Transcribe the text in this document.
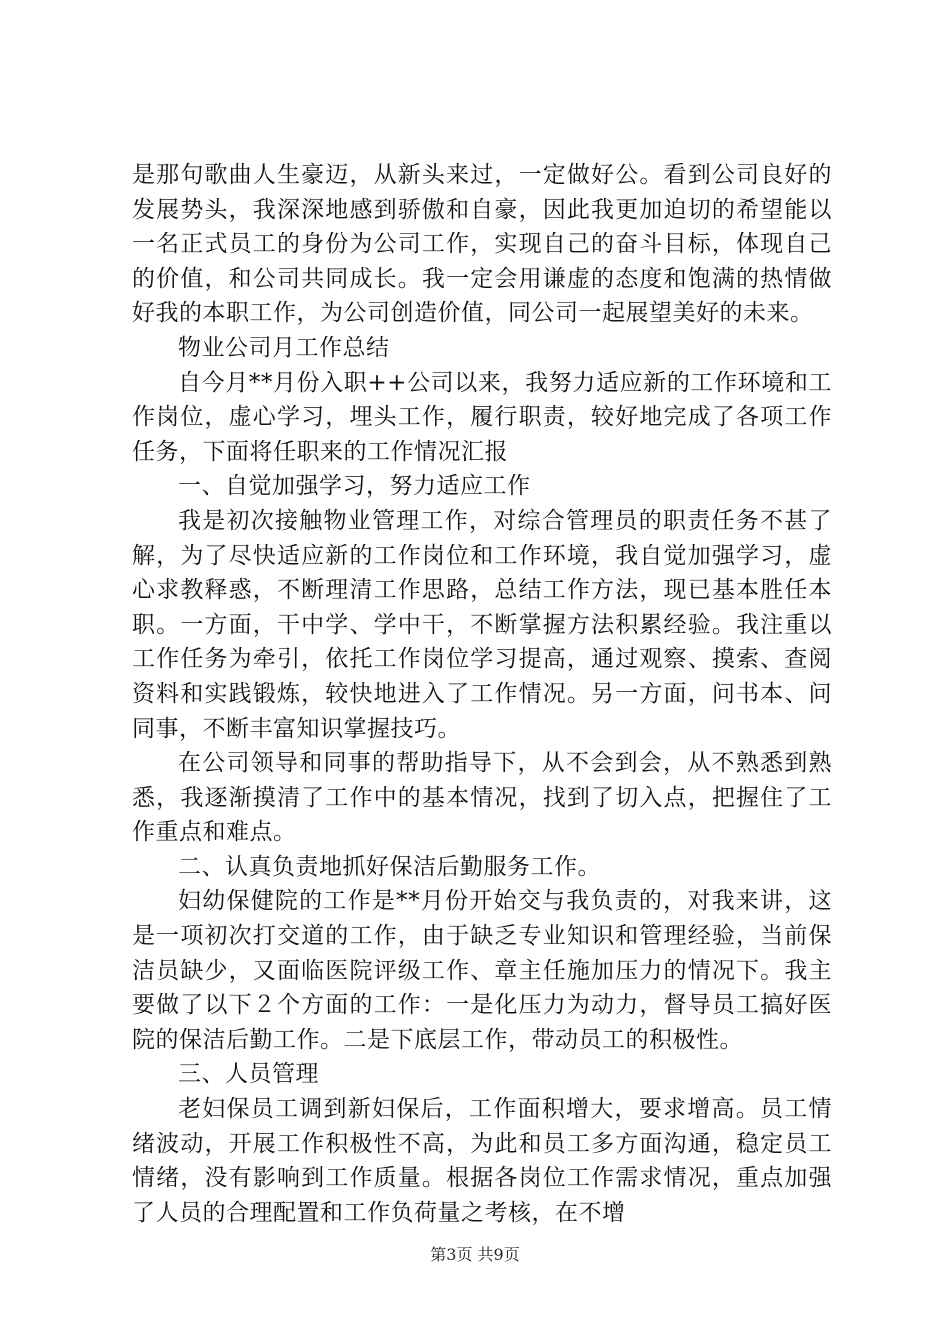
是那句歌曲人生豪迈，从新头来过，一定做好公。看到公司良好的发展势头，我深深地感到骄傲和自豪，因此我更加迫切的希望能以一名正式员工的身份为公司工作，实现自己的奋斗目标，体现自己的价值，和公司共同成长。我一定会用谦虚的态度和饱满的热情做好我的本职工作，为公司创造价值，同公司一起展望美好的未来。

物业公司月工作总结

自今月**月份入职++公司以来，我努力适应新的工作环境和工作岗位，虚心学习，埋头工作，履行职责，较好地完成了各项工作任务，下面将任职来的工作情况汇报

一、自觉加强学习，努力适应工作

我是初次接触物业管理工作，对综合管理员的职责任务不甚了解，为了尽快适应新的工作岗位和工作环境，我自觉加强学习，虚心求教释惑，不断理清工作思路，总结工作方法，现已基本胜任本职。一方面，干中学、学中干，不断掌握方法积累经验。我注重以工作任务为牵引，依托工作岗位学习提高，通过观察、摸索、查阅资料和实践锻炼，较快地进入了工作情况。另一方面，问书本、问同事，不断丰富知识掌握技巧。

在公司领导和同事的帮助指导下，从不会到会，从不熟悉到熟悉，我逐渐摸清了工作中的基本情况，找到了切入点，把握住了工作重点和难点。

二、认真负责地抓好保洁后勤服务工作。

妇幼保健院的工作是**月份开始交与我负责的，对我来讲，这是一项初次打交道的工作，由于缺乏专业知识和管理经验，当前保洁员缺少，又面临医院评级工作、章主任施加压力的情况下。我主要做了以下２个方面的工作：一是化压力为动力，督导员工搞好医院的保洁后勤工作。二是下底层工作，带动员工的积极性。

三、人员管理

老妇保员工调到新妇保后，工作面积增大，要求增高。员工情绪波动，开展工作积极性不高，为此和员工多方面沟通，稳定员工情绪，没有影响到工作质量。根据各岗位工作需求情况，重点加强了人员的合理配置和工作负荷量之考核，在不增

第3页 共9页
